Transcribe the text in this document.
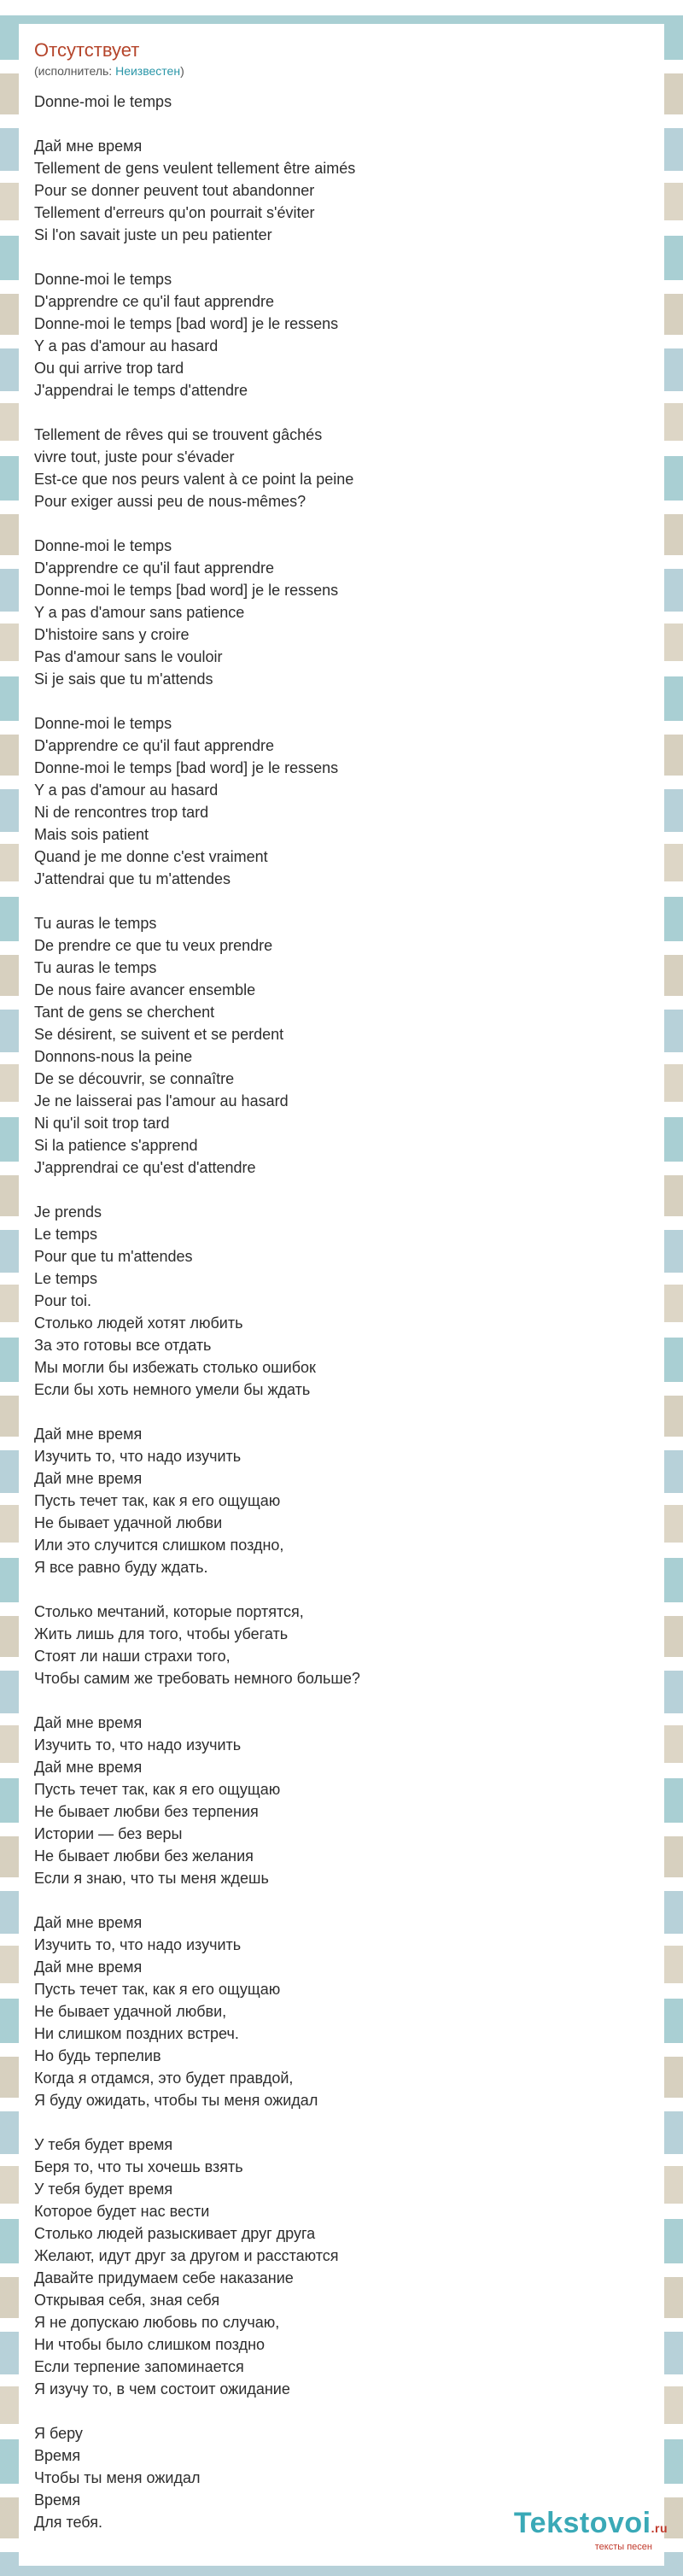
Отсутствует
(исполнитель: Неизвестен)
Donne-moi le temps
Дай мне время
Tellement de gens veulent tellement être aimés
Pour se donner peuvent tout abandonner
Tellement d'erreurs qu'on pourrait s'éviter
Si l'on savait juste un peu patienter
Donne-moi le temps
D'apprendre ce qu'il faut apprendre
Donne-moi le temps [bad word] je le ressens
Y a pas d'amour au hasard
Ou qui arrive trop tard
J'appendrai le temps d'attendre
Tellement de rêves qui se trouvent gâchés
vivre tout, juste pour s'évader
Est-ce que nos peurs valent à ce point la peine
Pour exiger aussi peu de nous-mêmes?
Donne-moi le temps
D'apprendre ce qu'il faut apprendre
Donne-moi le temps [bad word] je le ressens
Y a pas d'amour sans patience
D'histoire sans y croire
Pas d'amour sans le vouloir
Si je sais que tu m'attends
Donne-moi le temps
D'apprendre ce qu'il faut apprendre
Donne-moi le temps [bad word] je le ressens
Y a pas d'amour au hasard
Ni de rencontres trop tard
Mais sois patient
Quand je me donne c'est vraiment
J'attendrai que tu m'attendes
Tu auras le temps
De prendre ce que tu veux prendre
Tu auras le temps
De nous faire avancer ensemble
Tant de gens se cherchent
Se désirent, se suivent et se perdent
Donnons-nous la peine
De se découvrir, se connaître
Je ne laisserai pas l'amour au hasard
Ni qu'il soit trop tard
Si la patience s'apprend
J'apprendrai ce qu'est d'attendre
Je prends
Le temps
Pour que tu m'attendes
Le temps
Pour toi.
Столько людей хотят любить
За это готовы все отдать
Мы могли бы избежать столько ошибок
Если бы хоть немного умели бы ждать
Дай мне время
Изучить то, что надо изучить
Дай мне время
Пусть течет так, как я его ощущаю
Не бывает удачной любви
Или это случится слишком поздно,
Я все равно буду ждать.
Столько мечтаний, которые портятся,
Жить лишь для того, чтобы убегать
Стоят ли наши страхи того,
Чтобы самим же требовать немного больше?
Дай мне время
Изучить то, что надо изучить
Дай мне время
Пусть течет так, как я его ощущаю
Не бывает любви без терпения
Истории — без веры
Не бывает любви без желания
Если я знаю, что ты меня ждешь
Дай мне время
Изучить то, что надо изучить
Дай мне время
Пусть течет так, как я его ощущаю
Не бывает удачной любви,
Ни слишком поздних встреч.
Но будь терпелив
Когда я отдамся, это будет правдой,
Я буду ожидать, чтобы ты меня ожидал
У тебя будет время
Беря то, что ты хочешь взять
У тебя будет время
Которое будет нас вести
Столько людей разыскивает друг друга
Желают, идут друг за другом и расстаются
Давайте придумаем себе наказание
Открывая себя, зная себя
Я не допускаю любовь по случаю,
Ни чтобы было слишком поздно
Если терпение запоминается
Я изучу то, в чем состоит ожидание
Я беру
Время
Чтобы ты меня ожидал
Время
Для тебя.	Tekstovoi.ru
тексты песен
